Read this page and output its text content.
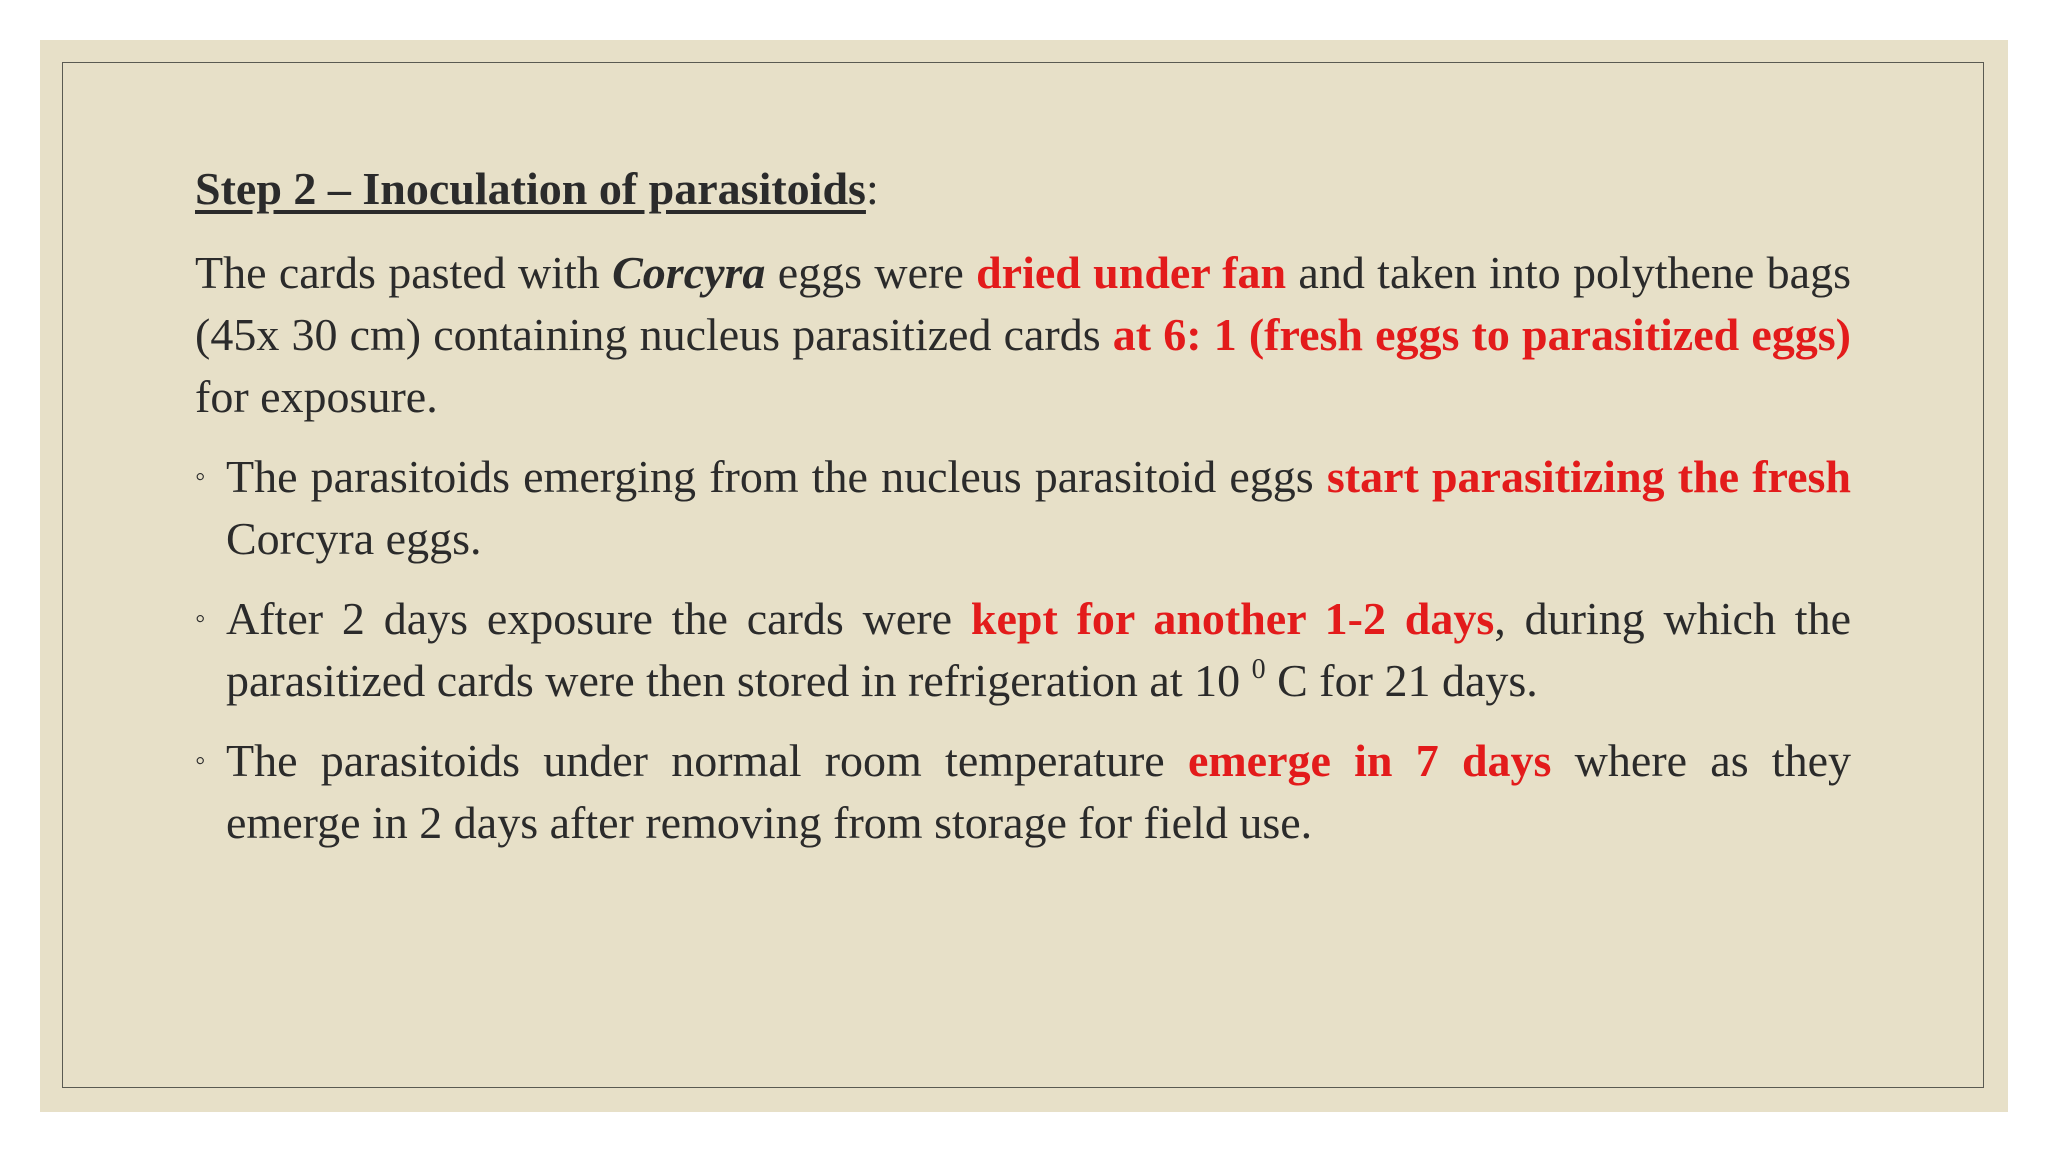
Step 2 – Inoculation of parasitoids:

The cards pasted with Corcyra eggs were dried under fan and taken into polythene bags (45x 30 cm) containing nucleus parasitized cards at 6: 1 (fresh eggs to parasitized eggs) for exposure.

◦ The parasitoids emerging from the nucleus parasitoid eggs start parasitizing the fresh Corcyra eggs.
◦ After 2 days exposure the cards were kept for another 1-2 days, during which the parasitized cards were then stored in refrigeration at 10 $^0$ C for 21 days.
◦ The parasitoids under normal room temperature emerge in 7 days where as they emerge in 2 days after removing from storage for field use.
